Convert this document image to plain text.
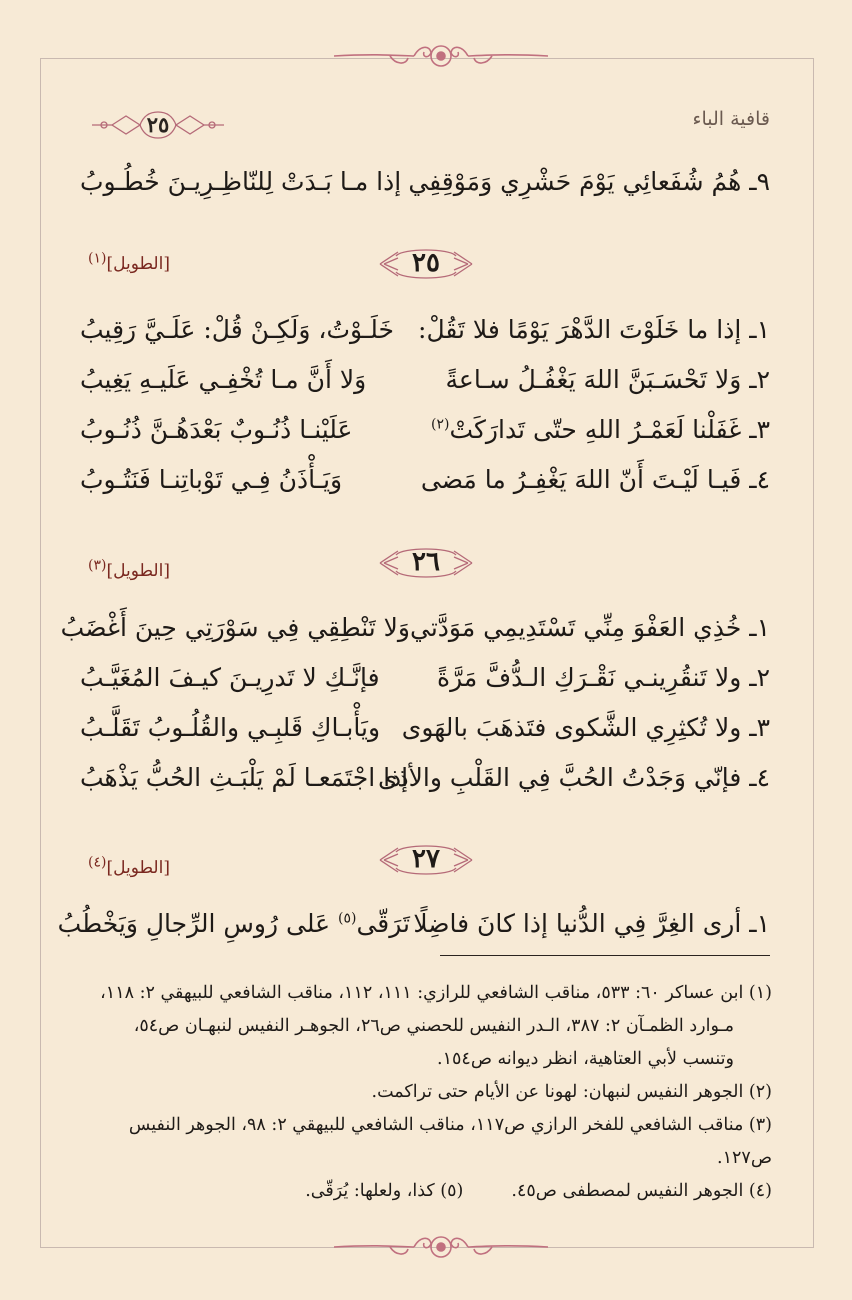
قافية الباء
٢٥
٩ـ هُمُ شُفَعائِي يَوْمَ حَشْرِي وَمَوْقِفِي
إذا مـا بَـدَتْ لِلنّاظِـرِيـنَ خُطُـوبُ
٢٥
[الطويل]$^{(١)}$
١ـ إذا ما خَلَوْتَ الدَّهْرَ يَوْمًا فلا تَقُلْ:
خَلَـوْتُ، وَلَكِـنْ قُلْ: عَلَـيَّ رَقِيبُ
٢ـ وَلا تَحْسَـبَنَّ اللهَ يَغْفُـلُ سـاعةً
وَلا أَنَّ مـا تُخْفِـي عَلَيـهِ يَغِيبُ
٣ـ غَفَلْنا لَعَمْـرُ اللهِ حتّى تَدارَكَتْ$^{(٢)}$
عَلَيْنـا ذُنُـوبٌ بَعْدَهُـنَّ ذُنُـوبُ
٤ـ فَيـا لَيْـتَ أَنّ اللهَ يَغْفِـرُ ما مَضى
وَيَـأْذَنُ فِـي تَوْباتِنـا فَنَتُـوبُ
٢٦
[الطويل]$^{(٣)}$
١ـ خُذِي العَفْوَ مِنِّي تَسْتَدِيمِي مَوَدَّتي
وَلا تَنْطِقِي فِي سَوْرَتِي حِينَ أَغْضَبُ
٢ـ ولا تَنقُرِينـي نَقْـرَكِ الـدُّفَّ مَرَّةً
فإنَّـكِ لا تَدرِيـنَ كيـفَ المُغَيَّـبُ
٣ـ ولا تُكثِرِي الشَّكوى فتَذهَبَ بالهَوى
ويَأْبـاكِ قَلبِـي والقُلُـوبُ تَقَلَّـبُ
٤ـ فإنّي وَجَدْتُ الحُبَّ فِي القَلْبِ والأذى
إذا اجْتَمَعـا لَمْ يَلْبَـثِ الحُبُّ يَذْهَبُ
٢٧
[الطويل]$^{(٤)}$
١ـ أرى الغِرَّ فِي الدُّنيا إذا كانَ فاضِلًا
تَرَقّى$^{(٥)}$ عَلى رُوسِ الرِّجالِ وَيَخْطُبُ

(١) ابن عساكر ٦٠: ٥٣٣، مناقب الشافعي للرازي: ١١١، ١١٢، مناقب الشافعي للبيهقي ٢: ١١٨،

مـوارد الظمـآن ٢: ٣٨٧، الـدر النفيس للحصني ص٢٦، الجوهـر النفيس لنبهـان ص٥٤،

وتنسب لأبي العتاهية، انظر ديوانه ص١٥٤.

(٢) الجوهر النفيس لنبهان: لهونا عن الأيام حتى تراكمت.

(٣) مناقب الشافعي للفخر الرازي ص١١٧، مناقب الشافعي للبيهقي ٢: ٩٨، الجوهر النفيس ص١٢٧.

(٤) الجوهر النفيس لمصطفى ص٤٥.(٥) كذا، ولعلها: يُرَقّى.
